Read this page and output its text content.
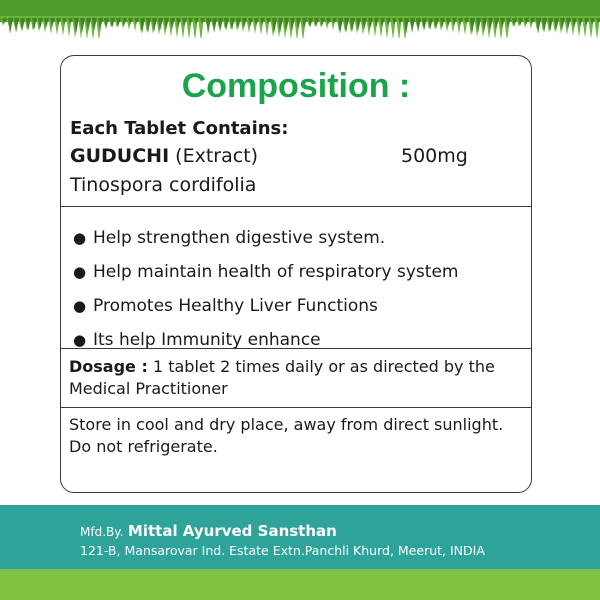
Composition :
Each Tablet Contains:
GUDUCHI (Extract)	500mg
Tinospora cordifolia
● Help strengthen digestive system.
● Help maintain health of respiratory system
● Promotes Healthy Liver Functions
● Its help Immunity enhance
Dosage : 1 tablet 2 times daily or as directed by the Medical Practitioner
Store in cool and dry place, away from direct sunlight. Do not refrigerate.
Mfd.By. Mittal Ayurved Sansthan
121-B, Mansarovar Ind. Estate Extn.Panchli Khurd, Meerut, INDIA
